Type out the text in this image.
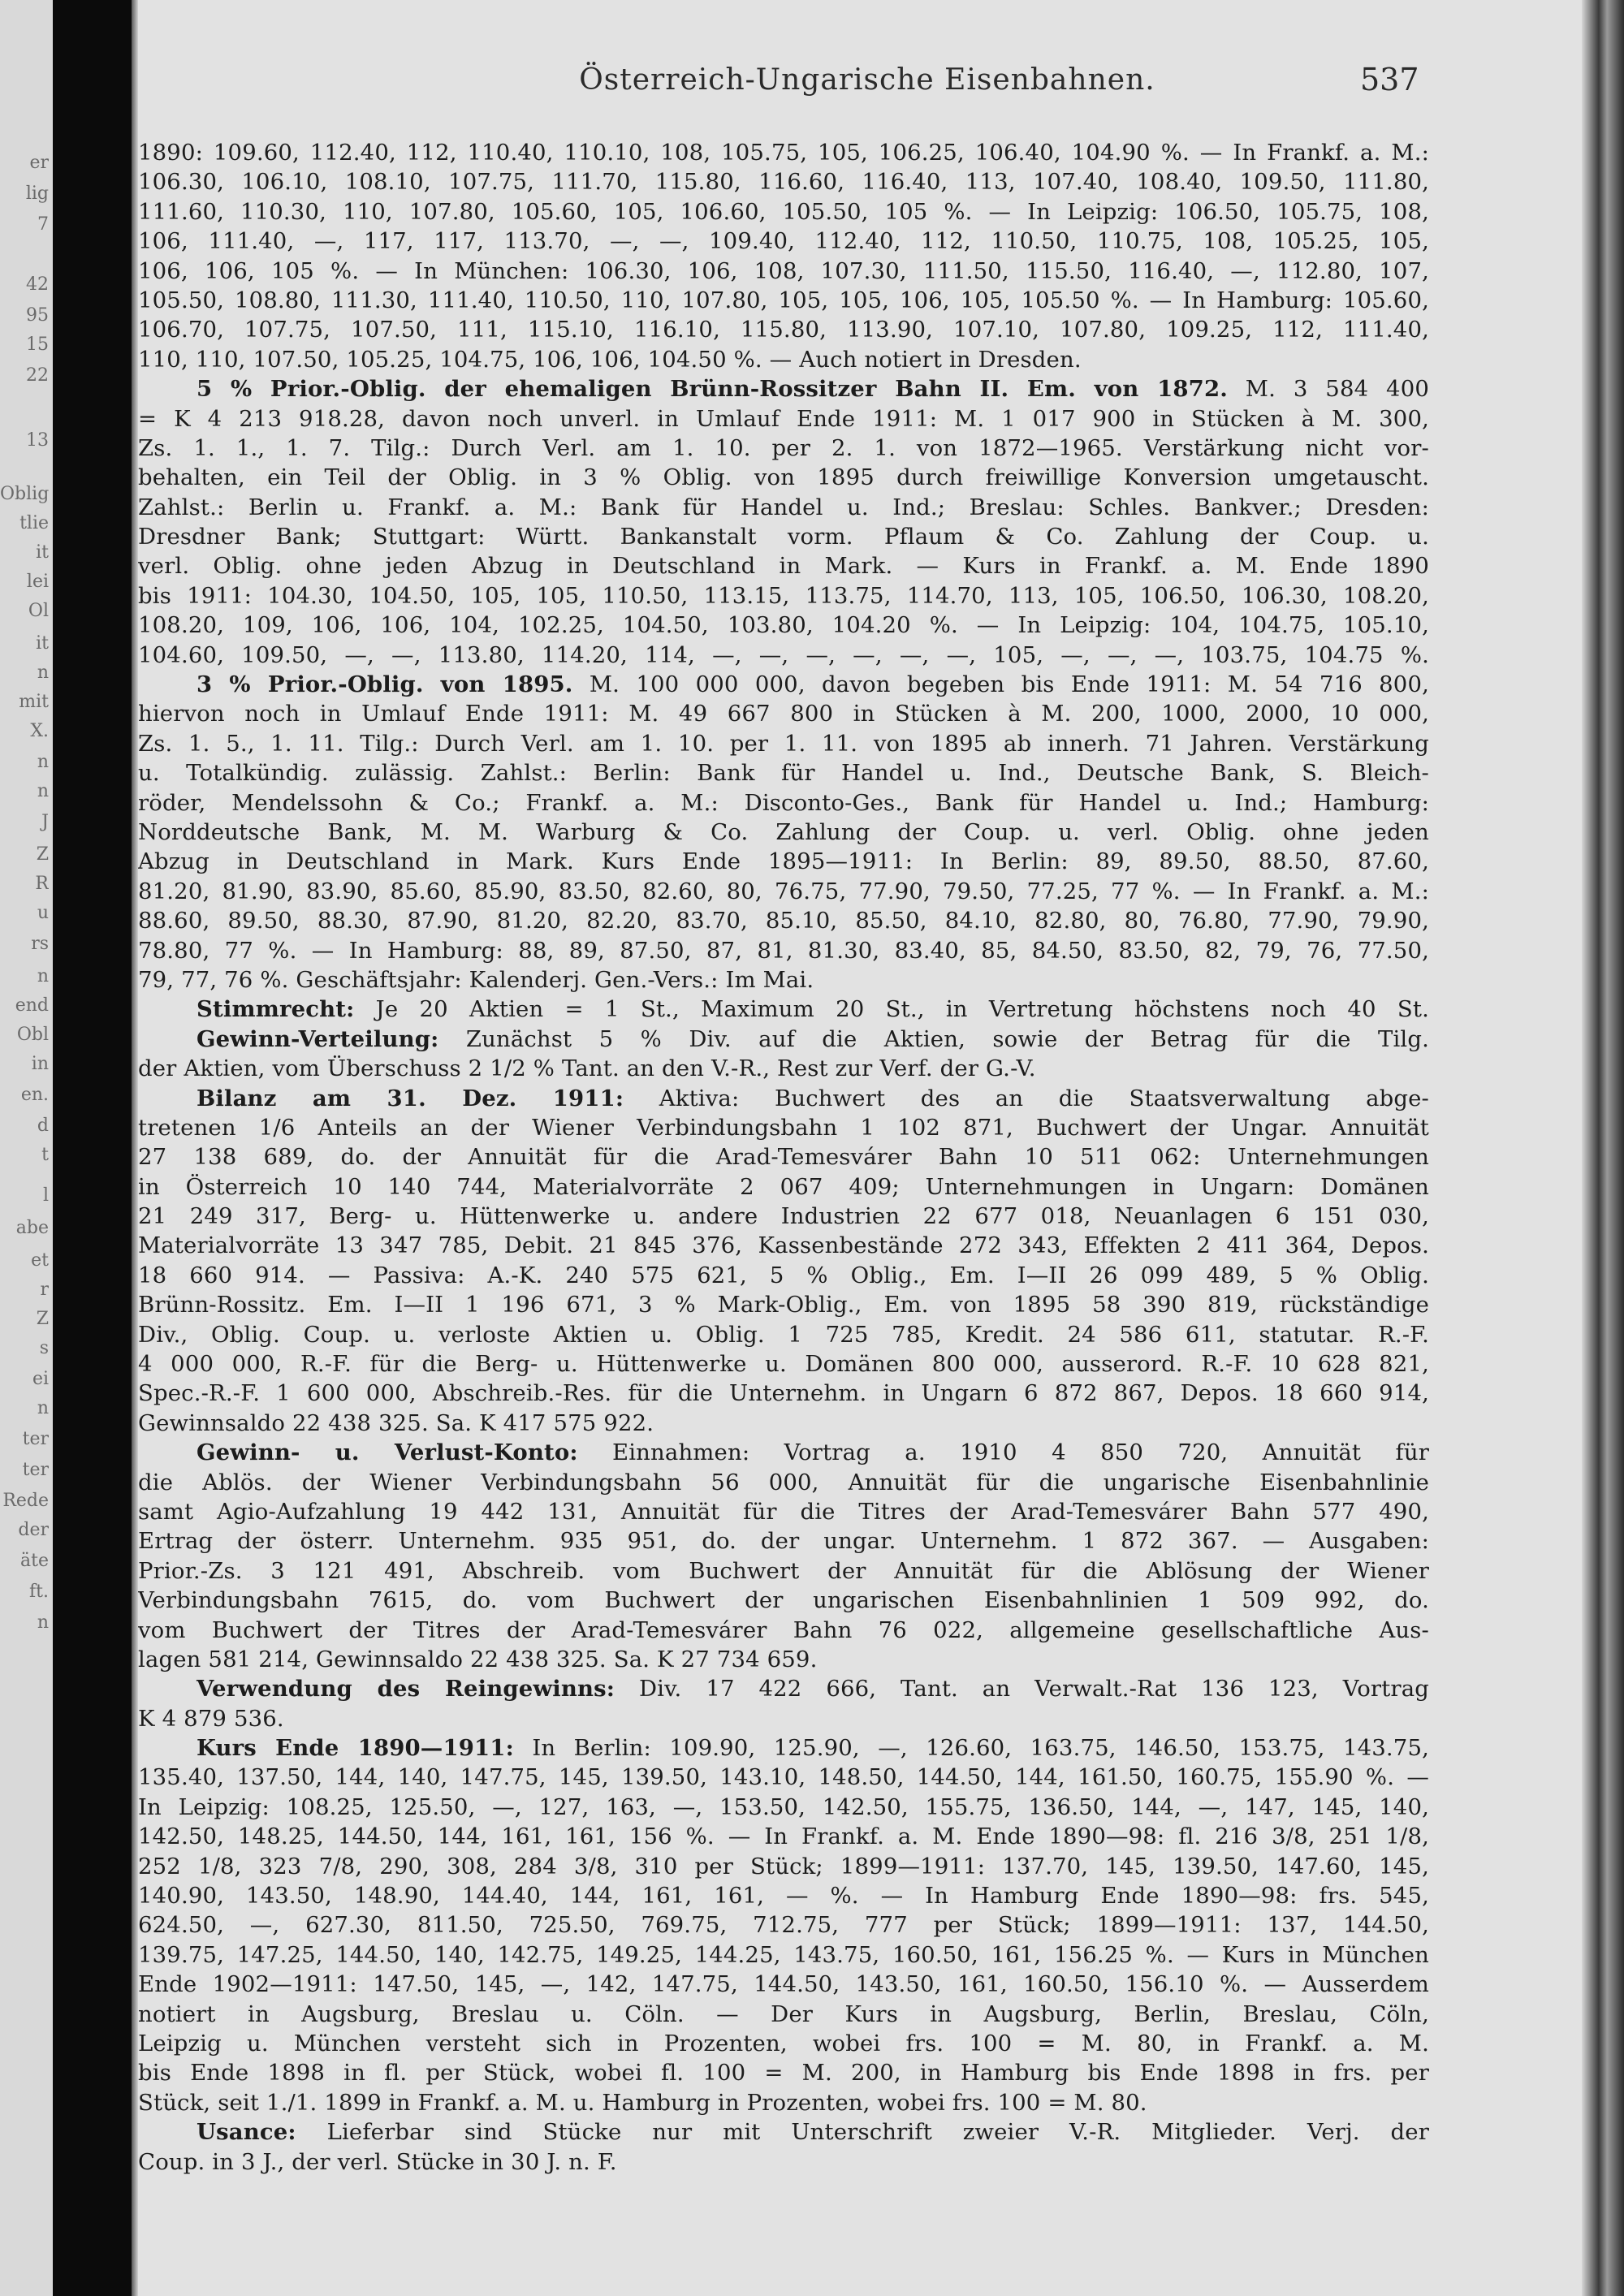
er
lig
7
42
95
15
22
13
Oblig
tlie
it
lei
Ol
it
n
mit
X.
n
n
J
Z
R
u
rs
n
end
Obl
in
en.
d
t
l
abe
et
r
Z
s
ei
n
ter
ter
Rede
der
äte
ft.
n
Österreich-Ungarische Eisenbahnen.	537
1890: 109.60, 112.40, 112, 110.40, 110.10, 108, 105.75, 105, 106.25, 106.40, 104.90 %. — In Frankf. a. M.:
106.30, 106.10, 108.10, 107.75, 111.70, 115.80, 116.60, 116.40, 113, 107.40, 108.40, 109.50, 111.80,
111.60, 110.30, 110, 107.80, 105.60, 105, 106.60, 105.50, 105 %. — In Leipzig: 106.50, 105.75, 108,
106, 111.40, —, 117, 117, 113.70, —, —, 109.40, 112.40, 112, 110.50, 110.75, 108, 105.25, 105,
106, 106, 105 %. — In München: 106.30, 106, 108, 107.30, 111.50, 115.50, 116.40, —, 112.80, 107,
105.50, 108.80, 111.30, 111.40, 110.50, 110, 107.80, 105, 105, 106, 105, 105.50 %. — In Hamburg: 105.60,
106.70, 107.75, 107.50, 111, 115.10, 116.10, 115.80, 113.90, 107.10, 107.80, 109.25, 112, 111.40,
110, 110, 107.50, 105.25, 104.75, 106, 106, 104.50 %. — Auch notiert in Dresden.
5 % Prior.-Oblig. der ehemaligen Brünn-Rossitzer Bahn II. Em. von 1872. M. 3 584 400
= K 4 213 918.28, davon noch unverl. in Umlauf Ende 1911: M. 1 017 900 in Stücken à M. 300,
Zs. 1. 1., 1. 7. Tilg.: Durch Verl. am 1. 10. per 2. 1. von 1872—1965. Verstärkung nicht vor-
behalten, ein Teil der Oblig. in 3 % Oblig. von 1895 durch freiwillige Konversion umgetauscht.
Zahlst.: Berlin u. Frankf. a. M.: Bank für Handel u. Ind.; Breslau: Schles. Bankver.; Dresden:
Dresdner Bank; Stuttgart: Württ. Bankanstalt vorm. Pflaum & Co. Zahlung der Coup. u.
verl. Oblig. ohne jeden Abzug in Deutschland in Mark. — Kurs in Frankf. a. M. Ende 1890
bis 1911: 104.30, 104.50, 105, 105, 110.50, 113.15, 113.75, 114.70, 113, 105, 106.50, 106.30, 108.20,
108.20, 109, 106, 106, 104, 102.25, 104.50, 103.80, 104.20 %. — In Leipzig: 104, 104.75, 105.10,
104.60, 109.50, —, —, 113.80, 114.20, 114, —, —, —, —, —, —, 105, —, —, —, 103.75, 104.75 %.
3 % Prior.-Oblig. von 1895. M. 100 000 000, davon begeben bis Ende 1911: M. 54 716 800,
hiervon noch in Umlauf Ende 1911: M. 49 667 800 in Stücken à M. 200, 1000, 2000, 10 000,
Zs. 1. 5., 1. 11. Tilg.: Durch Verl. am 1. 10. per 1. 11. von 1895 ab innerh. 71 Jahren. Verstärkung
u. Totalkündig. zulässig. Zahlst.: Berlin: Bank für Handel u. Ind., Deutsche Bank, S. Bleich-
röder, Mendelssohn & Co.; Frankf. a. M.: Disconto-Ges., Bank für Handel u. Ind.; Hamburg:
Norddeutsche Bank, M. M. Warburg & Co. Zahlung der Coup. u. verl. Oblig. ohne jeden
Abzug in Deutschland in Mark. Kurs Ende 1895—1911: In Berlin: 89, 89.50, 88.50, 87.60,
81.20, 81.90, 83.90, 85.60, 85.90, 83.50, 82.60, 80, 76.75, 77.90, 79.50, 77.25, 77 %. — In Frankf. a. M.:
88.60, 89.50, 88.30, 87.90, 81.20, 82.20, 83.70, 85.10, 85.50, 84.10, 82.80, 80, 76.80, 77.90, 79.90,
78.80, 77 %. — In Hamburg: 88, 89, 87.50, 87, 81, 81.30, 83.40, 85, 84.50, 83.50, 82, 79, 76, 77.50,
79, 77, 76 %. Geschäftsjahr: Kalenderj. Gen.-Vers.: Im Mai.
Stimmrecht: Je 20 Aktien = 1 St., Maximum 20 St., in Vertretung höchstens noch 40 St.
Gewinn-Verteilung: Zunächst 5 % Div. auf die Aktien, sowie der Betrag für die Tilg.
der Aktien, vom Überschuss 2 1/2 % Tant. an den V.-R., Rest zur Verf. der G.-V.
Bilanz am 31. Dez. 1911: Aktiva: Buchwert des an die Staatsverwaltung abge-
tretenen 1/6 Anteils an der Wiener Verbindungsbahn 1 102 871, Buchwert der Ungar. Annuität
27 138 689, do. der Annuität für die Arad-Temesvárer Bahn 10 511 062: Unternehmungen
in Österreich 10 140 744, Materialvorräte 2 067 409; Unternehmungen in Ungarn: Domänen
21 249 317, Berg- u. Hüttenwerke u. andere Industrien 22 677 018, Neuanlagen 6 151 030,
Materialvorräte 13 347 785, Debit. 21 845 376, Kassenbestände 272 343, Effekten 2 411 364, Depos.
18 660 914. — Passiva: A.-K. 240 575 621, 5 % Oblig., Em. I—II 26 099 489, 5 % Oblig.
Brünn-Rossitz. Em. I—II 1 196 671, 3 % Mark-Oblig., Em. von 1895 58 390 819, rückständige
Div., Oblig. Coup. u. verloste Aktien u. Oblig. 1 725 785, Kredit. 24 586 611, statutar. R.-F.
4 000 000, R.-F. für die Berg- u. Hüttenwerke u. Domänen 800 000, ausserord. R.-F. 10 628 821,
Spec.-R.-F. 1 600 000, Abschreib.-Res. für die Unternehm. in Ungarn 6 872 867, Depos. 18 660 914,
Gewinnsaldo 22 438 325. Sa. K 417 575 922.
Gewinn- u. Verlust-Konto: Einnahmen: Vortrag a. 1910 4 850 720, Annuität für
die Ablös. der Wiener Verbindungsbahn 56 000, Annuität für die ungarische Eisenbahnlinie
samt Agio-Aufzahlung 19 442 131, Annuität für die Titres der Arad-Temesvárer Bahn 577 490,
Ertrag der österr. Unternehm. 935 951, do. der ungar. Unternehm. 1 872 367. — Ausgaben:
Prior.-Zs. 3 121 491, Abschreib. vom Buchwert der Annuität für die Ablösung der Wiener
Verbindungsbahn 7615, do. vom Buchwert der ungarischen Eisenbahnlinien 1 509 992, do.
vom Buchwert der Titres der Arad-Temesvárer Bahn 76 022, allgemeine gesellschaftliche Aus-
lagen 581 214, Gewinnsaldo 22 438 325. Sa. K 27 734 659.
Verwendung des Reingewinns: Div. 17 422 666, Tant. an Verwalt.-Rat 136 123, Vortrag
K 4 879 536.
Kurs Ende 1890—1911: In Berlin: 109.90, 125.90, —, 126.60, 163.75, 146.50, 153.75, 143.75,
135.40, 137.50, 144, 140, 147.75, 145, 139.50, 143.10, 148.50, 144.50, 144, 161.50, 160.75, 155.90 %. —
In Leipzig: 108.25, 125.50, —, 127, 163, —, 153.50, 142.50, 155.75, 136.50, 144, —, 147, 145, 140,
142.50, 148.25, 144.50, 144, 161, 161, 156 %. — In Frankf. a. M. Ende 1890—98: fl. 216 3/8, 251 1/8,
252 1/8, 323 7/8, 290, 308, 284 3/8, 310 per Stück; 1899—1911: 137.70, 145, 139.50, 147.60, 145,
140.90, 143.50, 148.90, 144.40, 144, 161, 161, — %. — In Hamburg Ende 1890—98: frs. 545,
624.50, —, 627.30, 811.50, 725.50, 769.75, 712.75, 777 per Stück; 1899—1911: 137, 144.50,
139.75, 147.25, 144.50, 140, 142.75, 149.25, 144.25, 143.75, 160.50, 161, 156.25 %. — Kurs in München
Ende 1902—1911: 147.50, 145, —, 142, 147.75, 144.50, 143.50, 161, 160.50, 156.10 %. — Ausserdem
notiert in Augsburg, Breslau u. Cöln. — Der Kurs in Augsburg, Berlin, Breslau, Cöln,
Leipzig u. München versteht sich in Prozenten, wobei frs. 100 = M. 80, in Frankf. a. M.
bis Ende 1898 in fl. per Stück, wobei fl. 100 = M. 200, in Hamburg bis Ende 1898 in frs. per
Stück, seit 1./1. 1899 in Frankf. a. M. u. Hamburg in Prozenten, wobei frs. 100 = M. 80.
Usance: Lieferbar sind Stücke nur mit Unterschrift zweier V.-R. Mitglieder. Verj. der
Coup. in 3 J., der verl. Stücke in 30 J. n. F.
